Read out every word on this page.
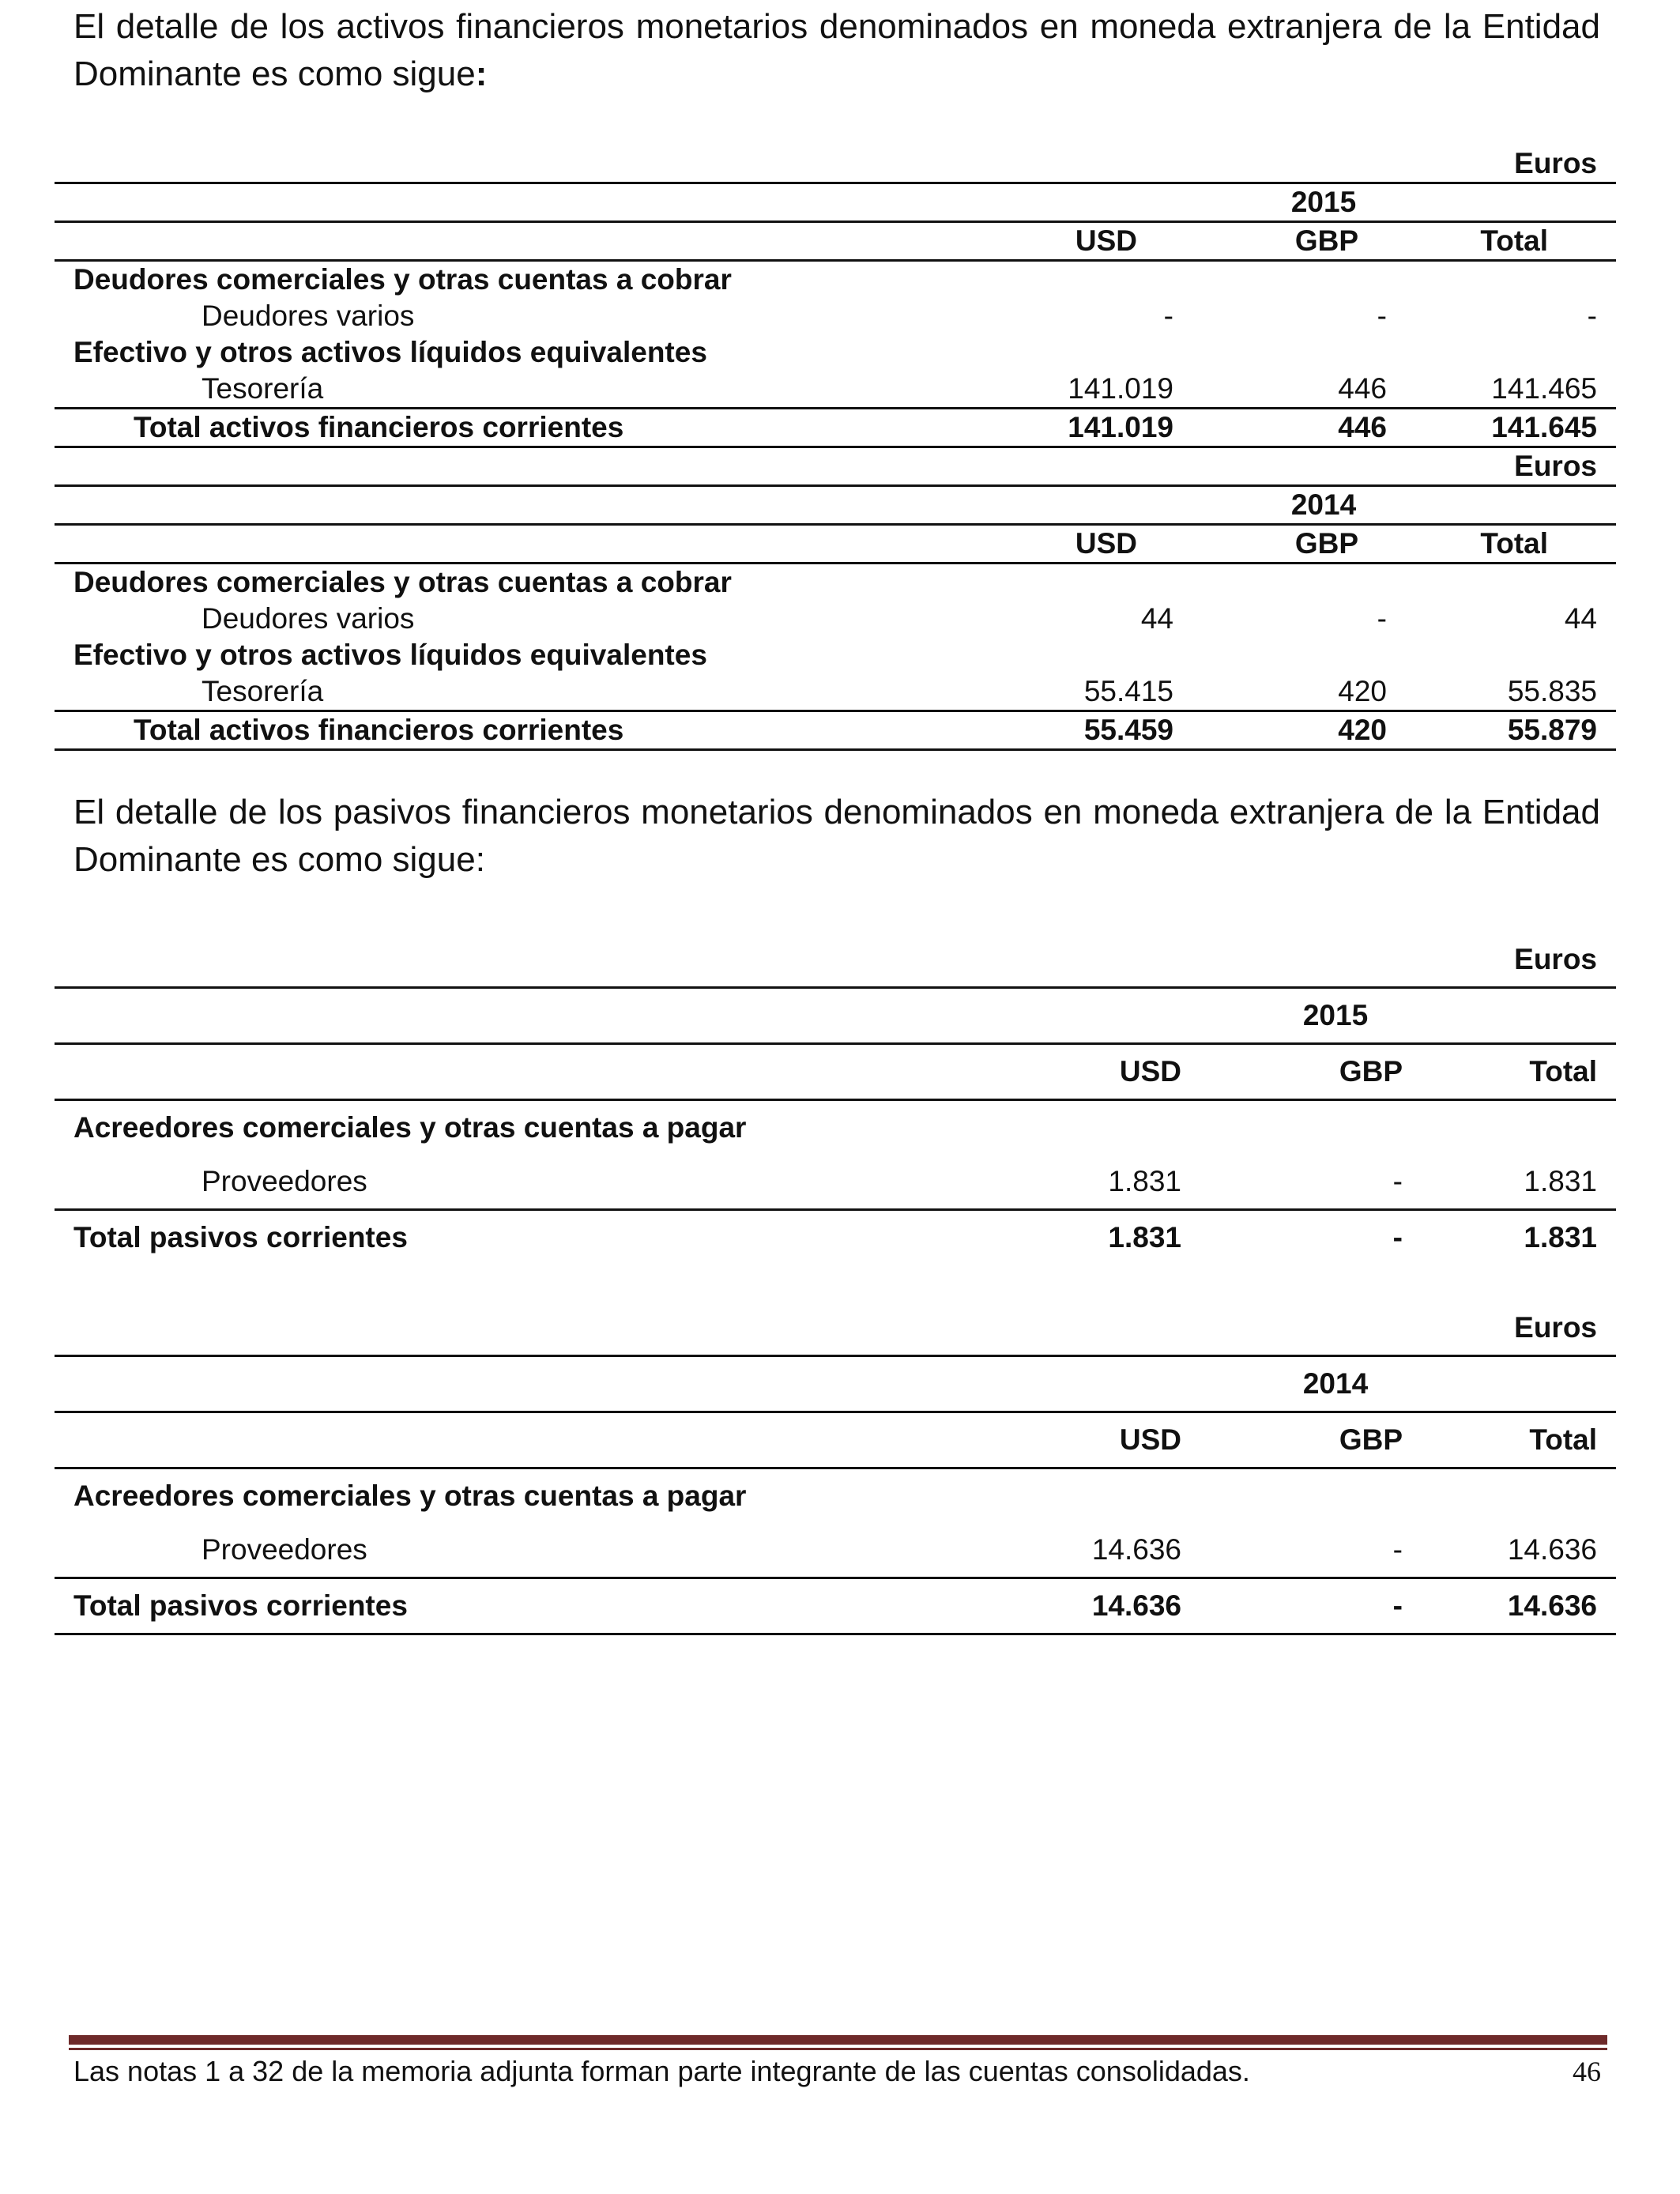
El detalle de los activos financieros monetarios denominados en moneda extranjera de la Entidad Dominante es como sigue:

			Euros
	2015		
	USD	GBP	Total
Deudores comerciales y otras cuentas a cobrar			
Deudores varios	-	-	-
Efectivo y otros activos líquidos equivalentes			
Tesorería	141.019	446	141.465
Total activos financieros corrientes	141.019	446	141.645
			Euros
	2014		
	USD	GBP	Total
Deudores comerciales y otras cuentas a cobrar			
Deudores varios	44	-	44
Efectivo y otros activos líquidos equivalentes			
Tesorería	55.415	420	55.835
Total activos financieros corrientes	55.459	420	55.879

El detalle de los pasivos financieros monetarios denominados en moneda extranjera de la Entidad Dominante es como sigue:

			Euros
	2015		
	USD	GBP	Total
Acreedores comerciales y otras cuentas a pagar			
Proveedores	1.831	-	1.831
Total pasivos corrientes	1.831	-	1.831
			Euros
	2014		
	USD	GBP	Total
Acreedores comerciales y otras cuentas a pagar			
Proveedores	14.636	-	14.636
Total pasivos corrientes	14.636	-	14.636
Las notas 1 a 32 de la memoria adjunta forman parte integrante de las cuentas consolidadas.	46
